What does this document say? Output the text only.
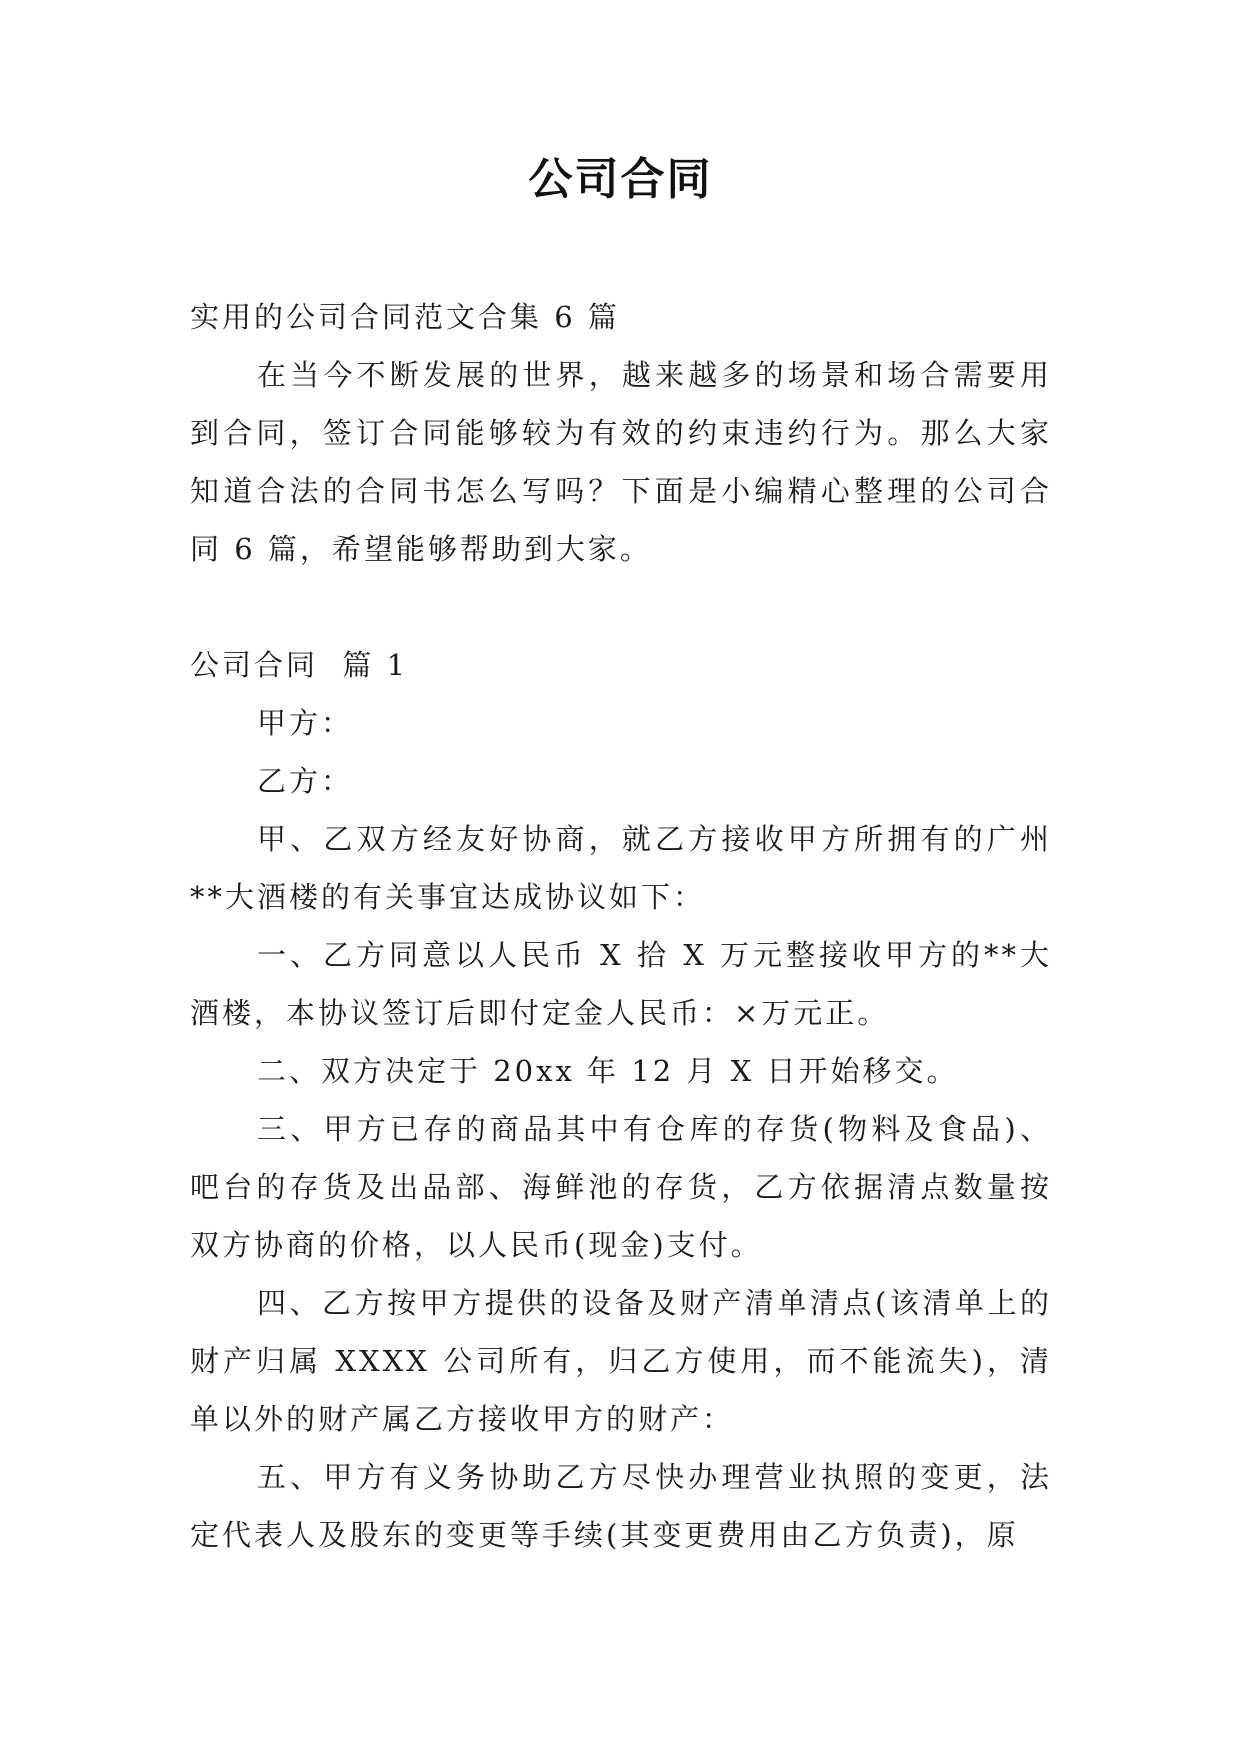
公司合同

实用的公司合同范文合集 6 篇

在当今不断发展的世界，越来越多的场景和场合需要用到合同，签订合同能够较为有效的约束违约行为。那么大家知道合法的合同书怎么写吗？下面是小编精心整理的公司合同 6 篇，希望能够帮助到大家。

公司合同  篇 1

甲方：

乙方：

甲、乙双方经友好协商，就乙方接收甲方所拥有的广州**大酒楼的有关事宜达成协议如下：

一、乙方同意以人民币 X 拾 X 万元整接收甲方的**大酒楼，本协议签订后即付定金人民币：×万元正。

二、双方决定于 20xx 年 12 月 X 日开始移交。

三、甲方已存的商品其中有仓库的存货(物料及食品)、吧台的存货及出品部、海鲜池的存货，乙方依据清点数量按双方协商的价格，以人民币(现金)支付。

四、乙方按甲方提供的设备及财产清单清点(该清单上的财产归属 XXXX 公司所有，归乙方使用，而不能流失)，清单以外的财产属乙方接收甲方的财产：

五、甲方有义务协助乙方尽快办理营业执照的变更，法定代表人及股东的变更等手续(其变更费用由乙方负责)，原
